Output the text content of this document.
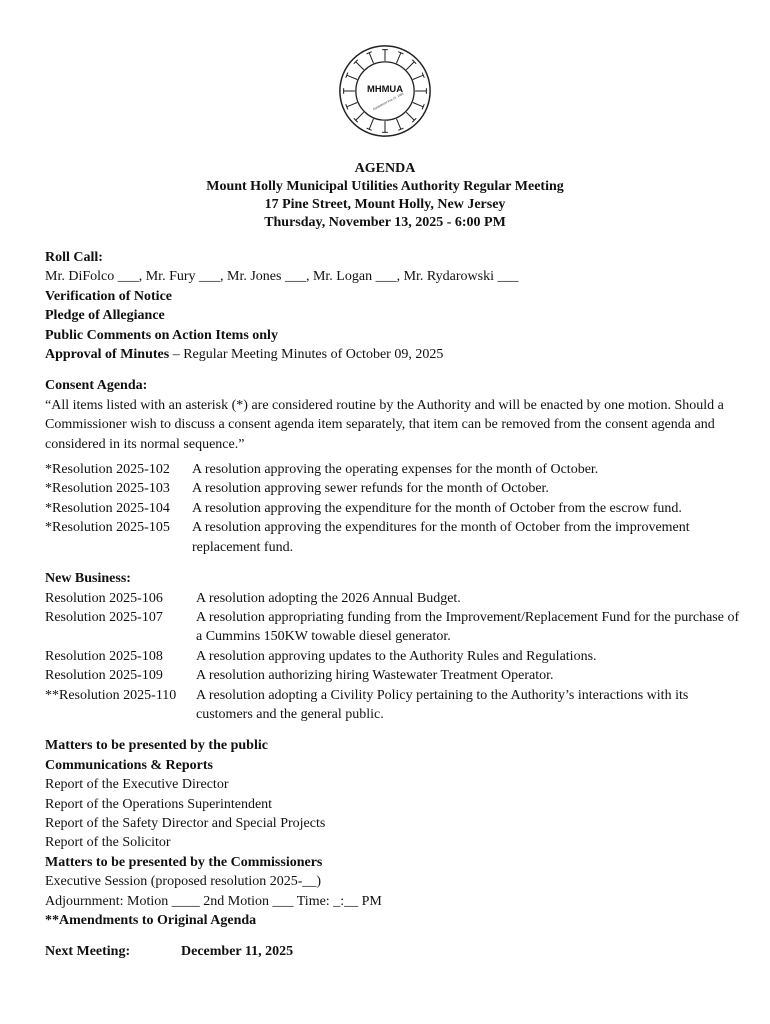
MHMUA
Established Feb 15, 1966
AGENDA
Mount Holly Municipal Utilities Authority Regular Meeting
17 Pine Street, Mount Holly, New Jersey
Thursday, November 13, 2025 - 6:00 PM

Roll Call:

Mr. DiFolco ___, Mr. Fury ___, Mr. Jones ___, Mr. Logan ___, Mr. Rydarowski ___

Verification of Notice

Pledge of Allegiance

Public Comments on Action Items only

Approval of Minutes – Regular Meeting Minutes of October 09, 2025

Consent Agenda:

“All items listed with an asterisk (*) are considered routine by the Authority and will be enacted by one motion. Should a Commissioner wish to discuss a consent agenda item separately, that item can be removed from the consent agenda and considered in its normal sequence.”

*Resolution 2025-102	A resolution approving the operating expenses for the month of October.
*Resolution 2025-103	A resolution approving sewer refunds for the month of October.
*Resolution 2025-104	A resolution approving the expenditure for the month of October from the escrow fund.
*Resolution 2025-105	A resolution approving the expenditures for the month of October from the improvement replacement fund.

New Business:

Resolution 2025-106	A resolution adopting the 2026 Annual Budget.
Resolution 2025-107	A resolution appropriating funding from the Improvement/Replacement Fund for the purchase of a Cummins 150KW towable diesel generator.
Resolution 2025-108	A resolution approving updates to the Authority Rules and Regulations.
Resolution 2025-109	A resolution authorizing hiring Wastewater Treatment Operator.
**Resolution 2025-110	A resolution adopting a Civility Policy pertaining to the Authority’s interactions with its customers and the general public.

Matters to be presented by the public

Communications & Reports

Report of the Executive Director

Report of the Operations Superintendent

Report of the Safety Director and Special Projects

Report of the Solicitor

Matters to be presented by the Commissioners

Executive Session (proposed resolution 2025-__)

Adjournment: Motion ____ 2nd Motion ___ Time: _:__ PM

**Amendments to Original Agenda

Next Meeting:	December 11, 2025
